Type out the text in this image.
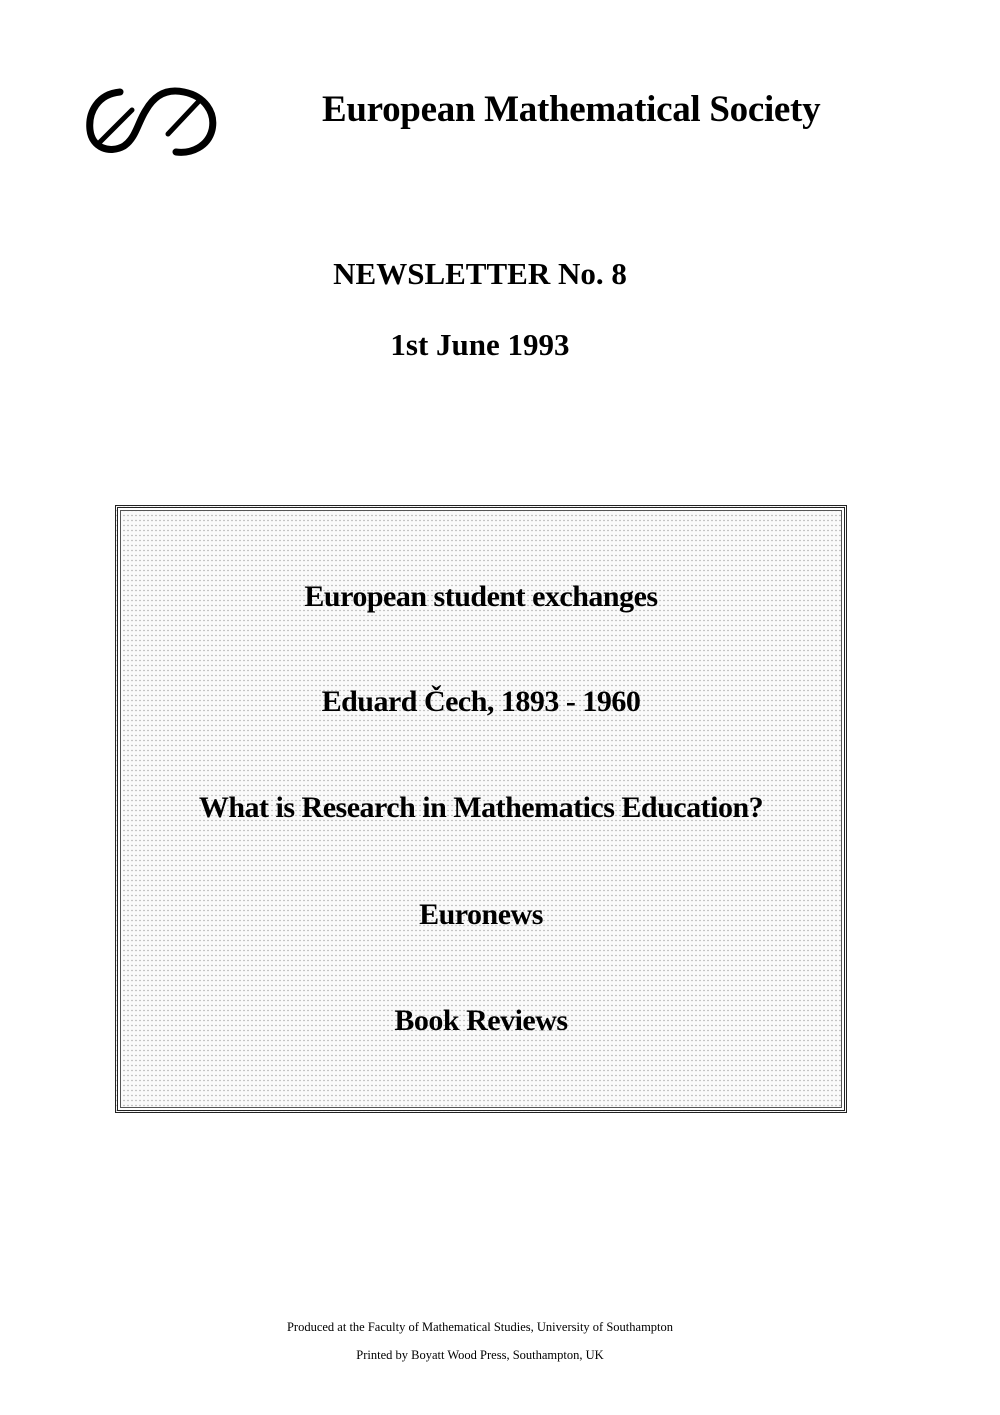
European Mathematical Society
NEWSLETTER No. 8
1st June 1993
European student exchanges
Eduard Čech, 1893 - 1960
What is Research in Mathematics Education?
Euronews
Book Reviews
Produced at the Faculty of Mathematical Studies, University of Southampton
Printed by Boyatt Wood Press, Southampton, UK
